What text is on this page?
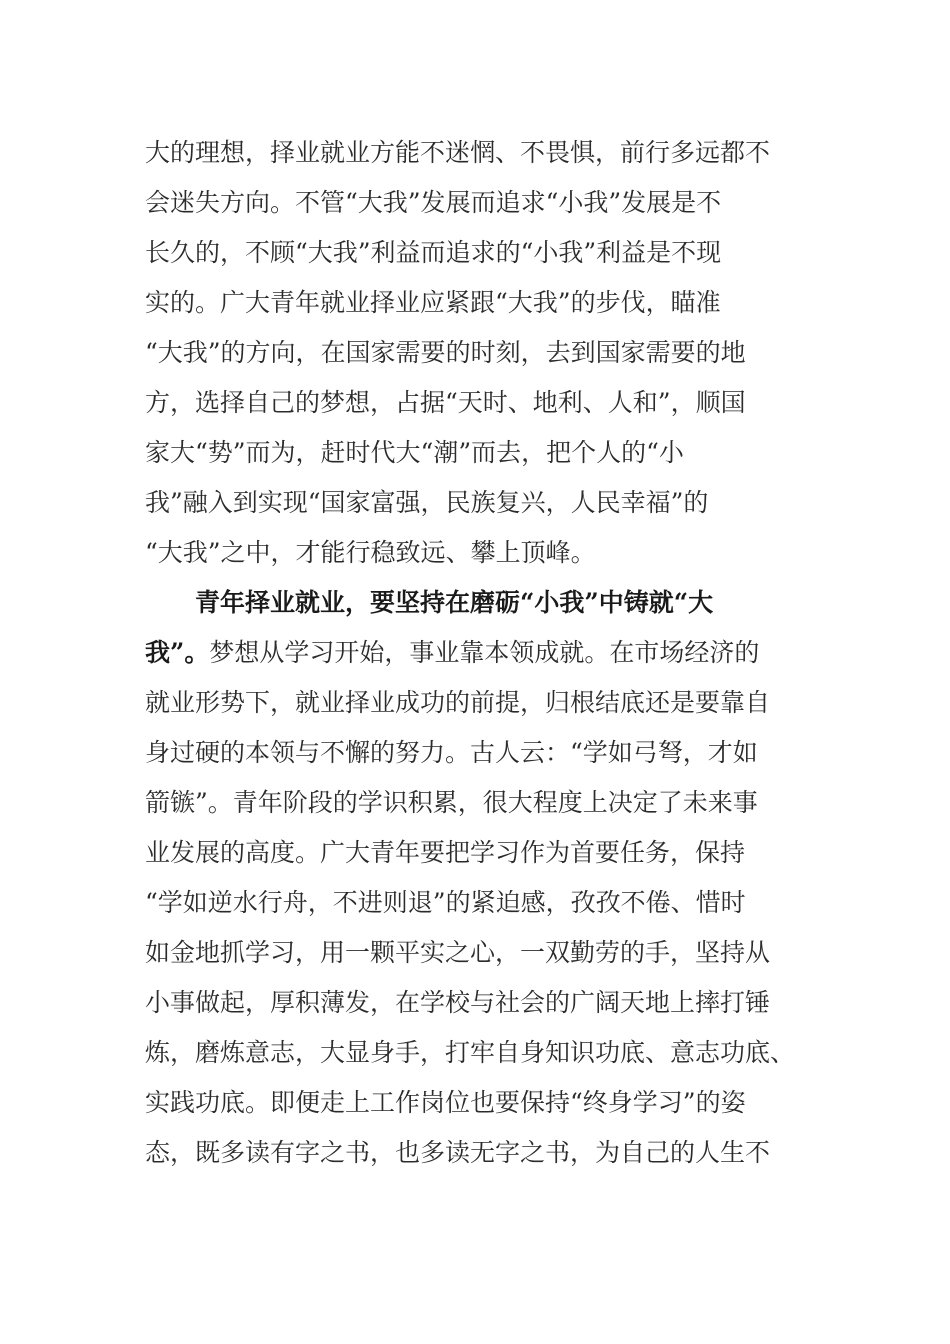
大的理想，择业就业方能不迷惘、不畏惧，前行多远都不
会迷失方向。不管“大我”发展而追求“小我”发展是不
长久的，不顾“大我”利益而追求的“小我”利益是不现
实的。广大青年就业择业应紧跟“大我”的步伐，瞄准
“大我”的方向，在国家需要的时刻，去到国家需要的地
方，选择自己的梦想，占据“天时、地利、人和”，顺国
家大“势”而为，赶时代大“潮”而去，把个人的“小
我”融入到实现“国家富强，民族复兴，人民幸福”的
“大我”之中，才能行稳致远、攀上顶峰。
青年择业就业，要坚持在磨砺“小我”中铸就“大
我”。梦想从学习开始，事业靠本领成就。在市场经济的
就业形势下，就业择业成功的前提，归根结底还是要靠自
身过硬的本领与不懈的努力。古人云：“学如弓弩，才如
箭镞”。青年阶段的学识积累，很大程度上决定了未来事
业发展的高度。广大青年要把学习作为首要任务，保持
“学如逆水行舟，不进则退”的紧迫感，孜孜不倦、惜时
如金地抓学习，用一颗平实之心，一双勤劳的手，坚持从
小事做起，厚积薄发，在学校与社会的广阔天地上摔打锤
炼，磨炼意志，大显身手，打牢自身知识功底、意志功底、
实践功底。即便走上工作岗位也要保持“终身学习”的姿
态，既多读有字之书，也多读无字之书，为自己的人生不
